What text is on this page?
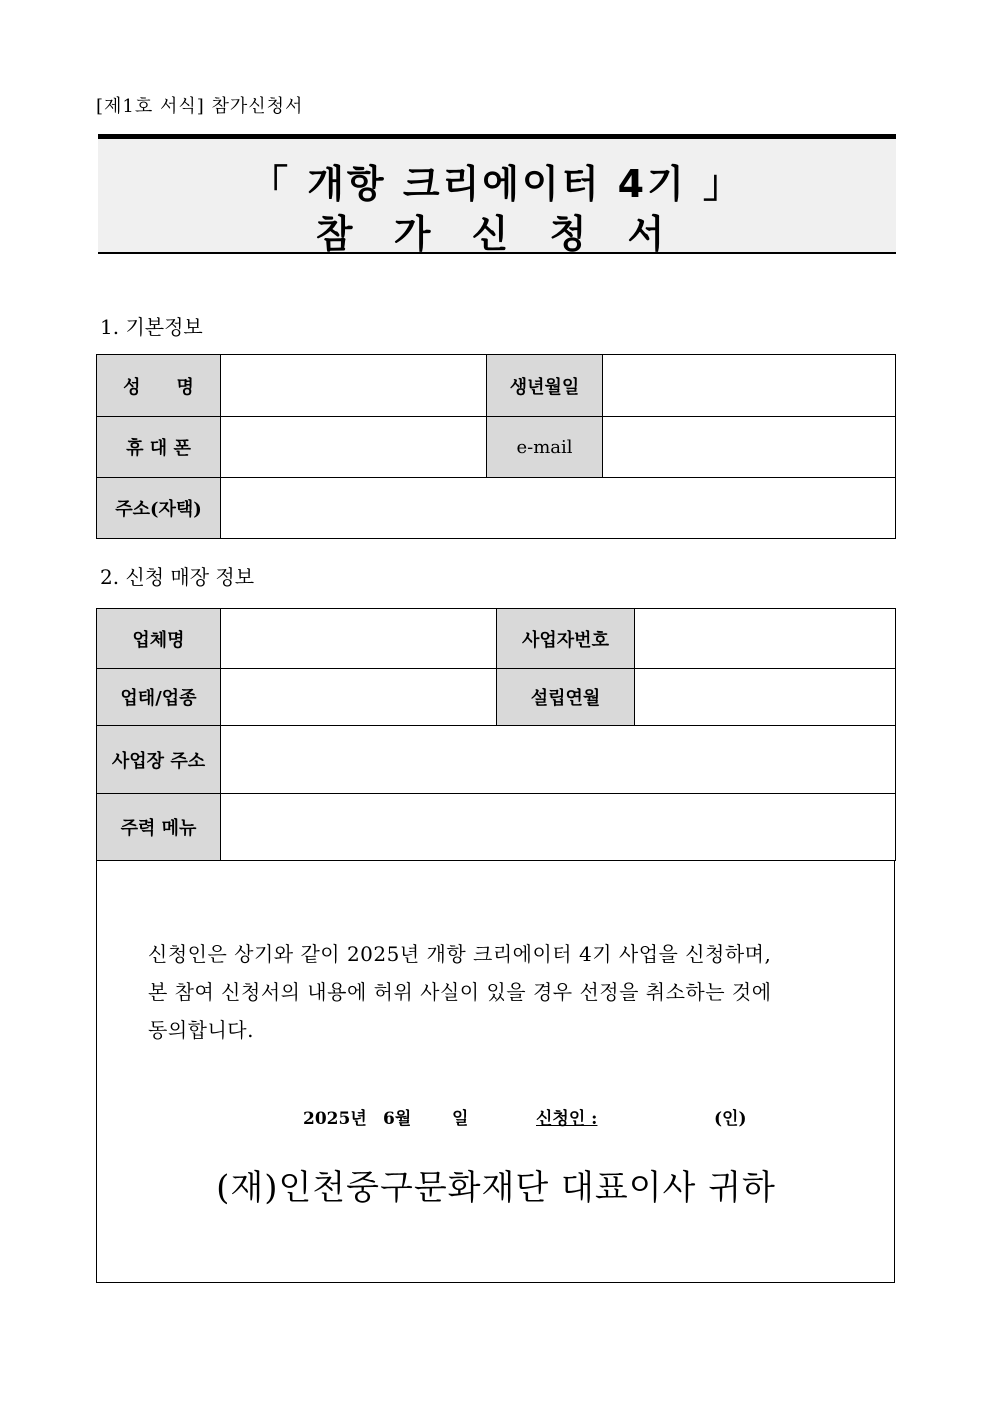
[제1호 서식] 참가신청서
「 개항 크리에이터 4기 」
참 가 신 청 서
1. 기본정보
성　　명		생년월일	
휴 대 폰		e-mail	
주소(자택)			
2. 신청 매장 정보
업체명		사업자번호	
업태/업종		설립연월	
사업장 주소			
주력 메뉴			
신청인은 상기와 같이 2025년 개항 크리에이터 4기 사업을 신청하며,
본 참여 신청서의 내용에 허위 사실이 있을 경우 선정을 취소하는 것에
동의합니다.
2025년 6월 일	신청인 :	(인)
(재)인천중구문화재단 대표이사 귀하
